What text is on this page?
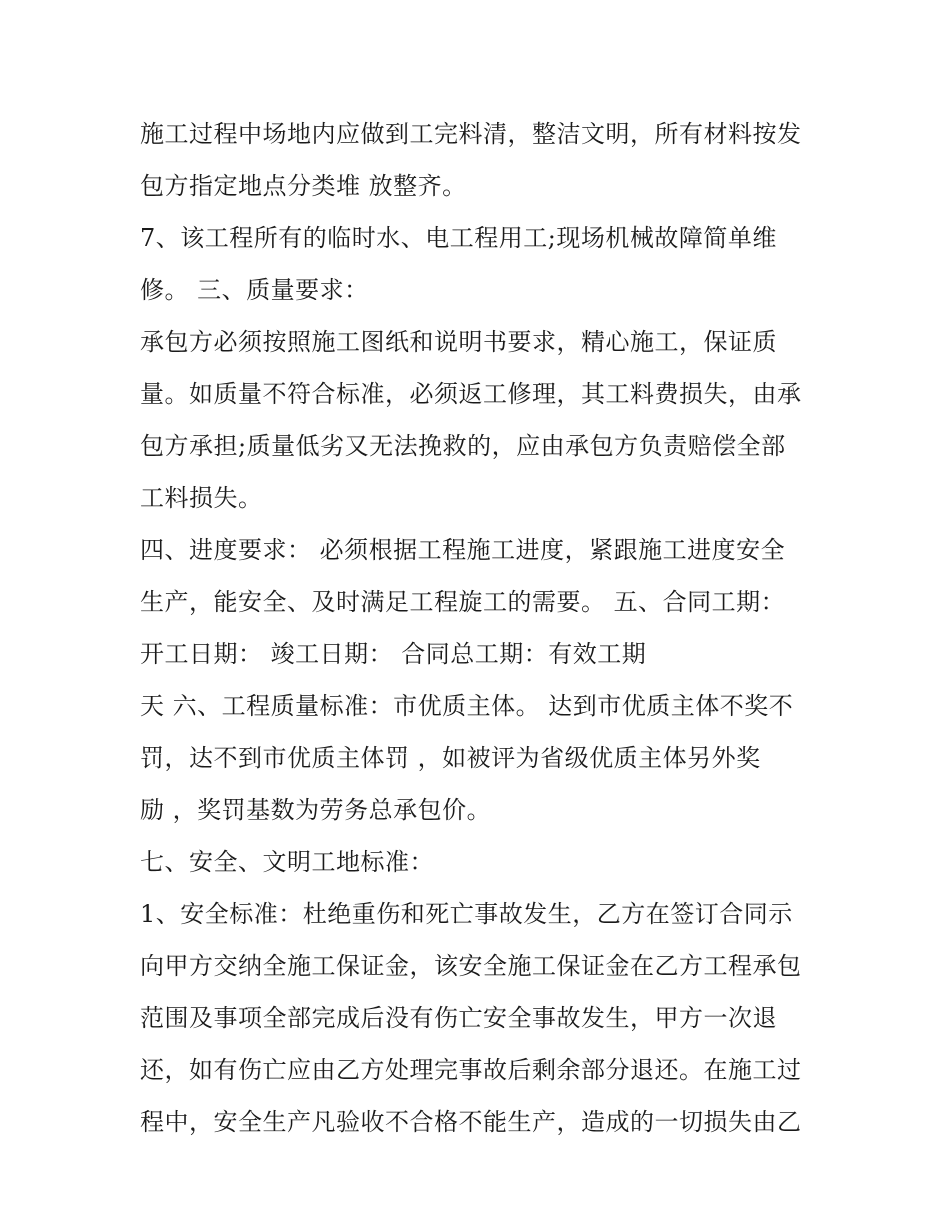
施工过程中场地内应做到工完料清，整洁文明，所有材料按发
包方指定地点分类堆 放整齐。
7、该工程所有的临时水、电工程用工;现场机械故障简单维
修。 三、质量要求：
承包方必须按照施工图纸和说明书要求，精心施工，保证质
量。如质量不符合标准，必须返工修理，其工料费损失，由承
包方承担;质量低劣又无法挽救的，应由承包方负责赔偿全部
工料损失。
四、进度要求： 必须根据工程施工进度，紧跟施工进度安全
生产，能安全、及时满足工程旋工的需要。 五、合同工期：
开工日期： 竣工日期： 合同总工期：有效工期
天 六、工程质量标准：市优质主体。 达到市优质主体不奖不
罚，达不到市优质主体罚 ，如被评为省级优质主体另外奖
励 ，奖罚基数为劳务总承包价。
七、安全、文明工地标准：
1、安全标准：杜绝重伤和死亡事故发生，乙方在签订合同示
向甲方交纳全施工保证金，该安全施工保证金在乙方工程承包
范围及事项全部完成后没有伤亡安全事故发生，甲方一次退
还，如有伤亡应由乙方处理完事故后剩余部分退还。在施工过
程中，安全生产凡验收不合格不能生产，造成的一切损失由乙
